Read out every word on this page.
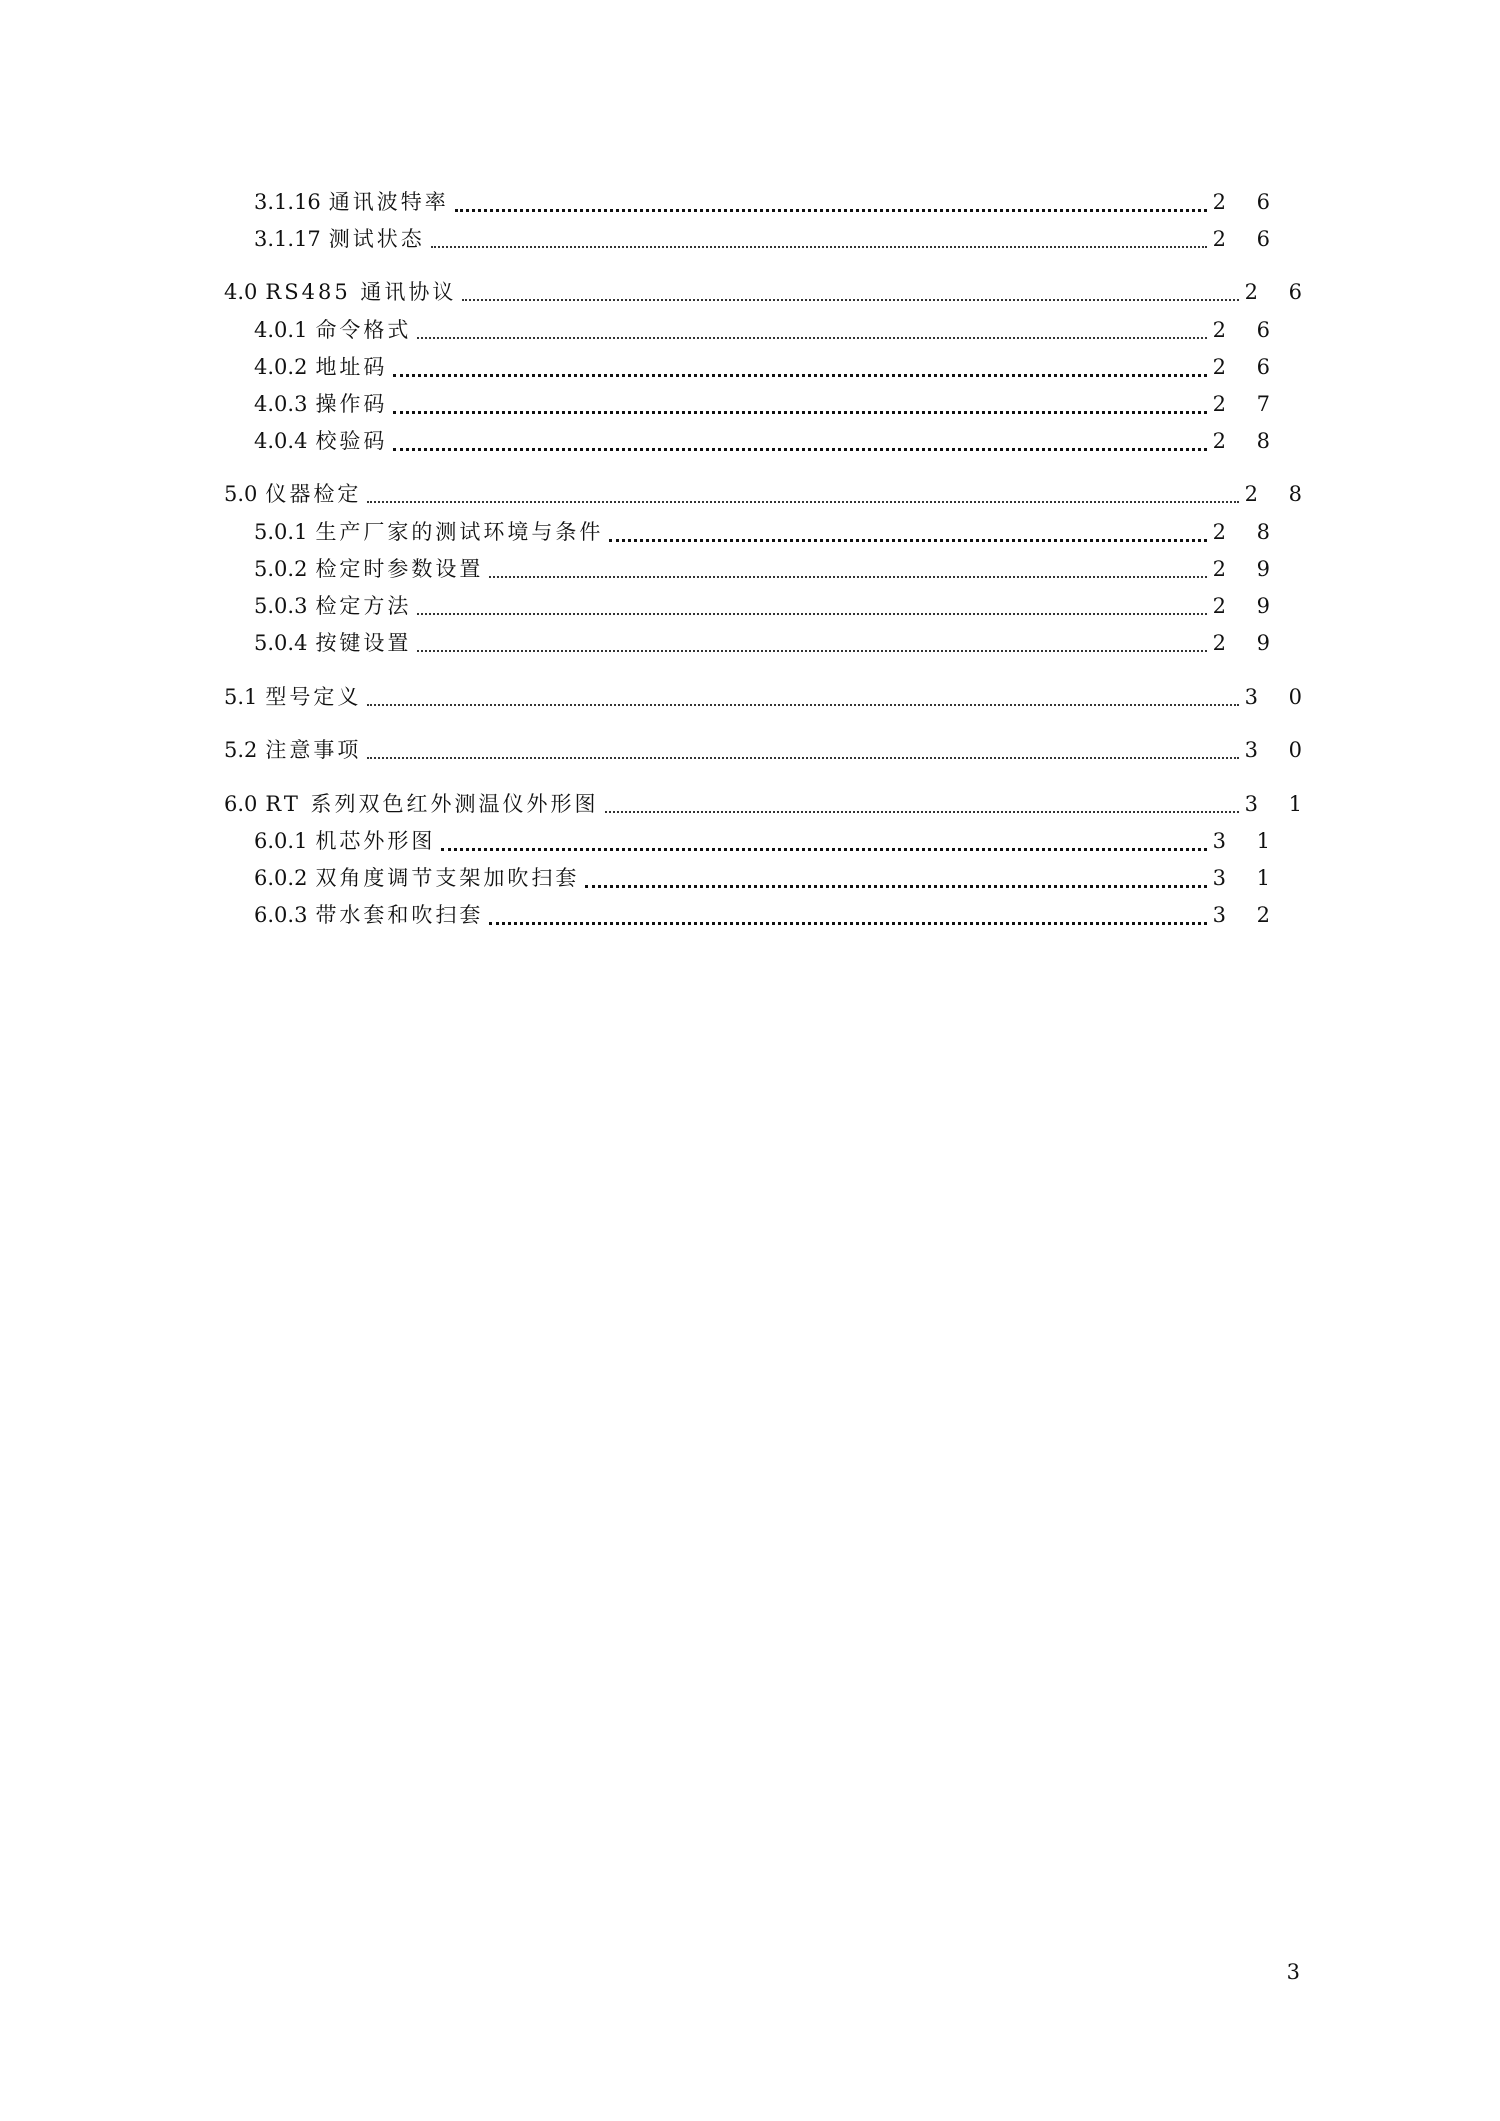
3.1.16 通讯波特率	2 6
3.1.17 测试状态	2 6
4.0 RS485 通讯协议	2 6
4.0.1 命令格式	2 6
4.0.2 地址码	2 6
4.0.3 操作码	2 7
4.0.4 校验码	2 8
5.0 仪器检定	2 8
5.0.1 生产厂家的测试环境与条件	2 8
5.0.2 检定时参数设置	2 9
5.0.3 检定方法	2 9
5.0.4 按键设置	2 9
5.1 型号定义	3 0
5.2 注意事项	3 0
6.0 RT 系列双色红外测温仪外形图	3 1
6.0.1 机芯外形图	3 1
6.0.2 双角度调节支架加吹扫套	3 1
6.0.3 带水套和吹扫套	3 2
3
